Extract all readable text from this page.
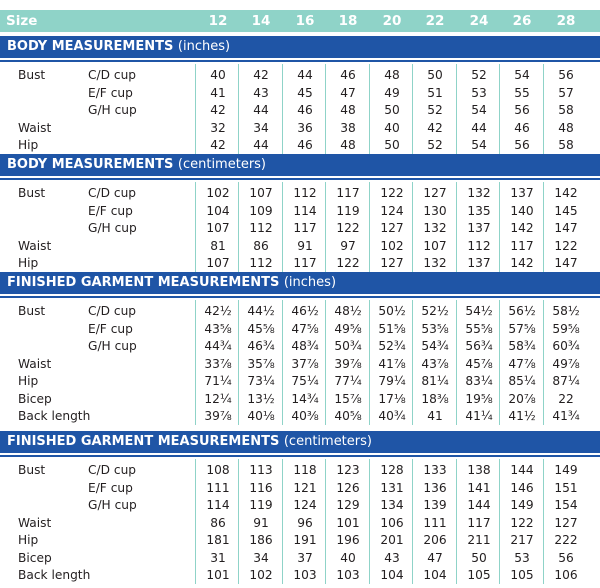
Size	12	14	16	18	20	22	24	26	28
BODY MEASUREMENTS (inches)
Bust	C/D cup	40	42	44	46	48	50	52	54	56
E/F cup	41	43	45	47	49	51	53	55	57
G/H cup	42	44	46	48	50	52	54	56	58
Waist	32	34	36	38	40	42	44	46	48
Hip	42	44	46	48	50	52	54	56	58
BODY MEASUREMENTS (centimeters)
Bust	C/D cup	102	107	112	117	122	127	132	137	142
E/F cup	104	109	114	119	124	130	135	140	145
G/H cup	107	112	117	122	127	132	137	142	147
Waist	81	86	91	97	102	107	112	117	122
Hip	107	112	117	122	127	132	137	142	147
FINISHED GARMENT MEASUREMENTS (inches)
Bust	C/D cup	42½	44½	46½	48½	50½	52½	54½	56½	58½
E/F cup	43⅝	45⅝	47⅝	49⅝	51⅝	53⅝	55⅝	57⅝	59⅝
G/H cup	44¾	46¾	48¾	50¾	52¾	54¾	56¾	58¾	60¾
Waist	33⅞	35⅞	37⅞	39⅞	41⅞	43⅞	45⅞	47⅞	49⅞
Hip	71¼	73¼	75¼	77¼	79¼	81¼	83¼	85¼	87¼
Bicep	12¼	13½	14¾	15⅞	17⅛	18⅜	19⅝	20⅞	22
Back length	39⅞	40⅛	40⅜	40⅝	40¾	41	41¼	41½	41¾
FINISHED GARMENT MEASUREMENTS (centimeters)
Bust	C/D cup	108	113	118	123	128	133	138	144	149
E/F cup	111	116	121	126	131	136	141	146	151
G/H cup	114	119	124	129	134	139	144	149	154
Waist	86	91	96	101	106	111	117	122	127
Hip	181	186	191	196	201	206	211	217	222
Bicep	31	34	37	40	43	47	50	53	56
Back length	101	102	103	103	104	104	105	105	106
